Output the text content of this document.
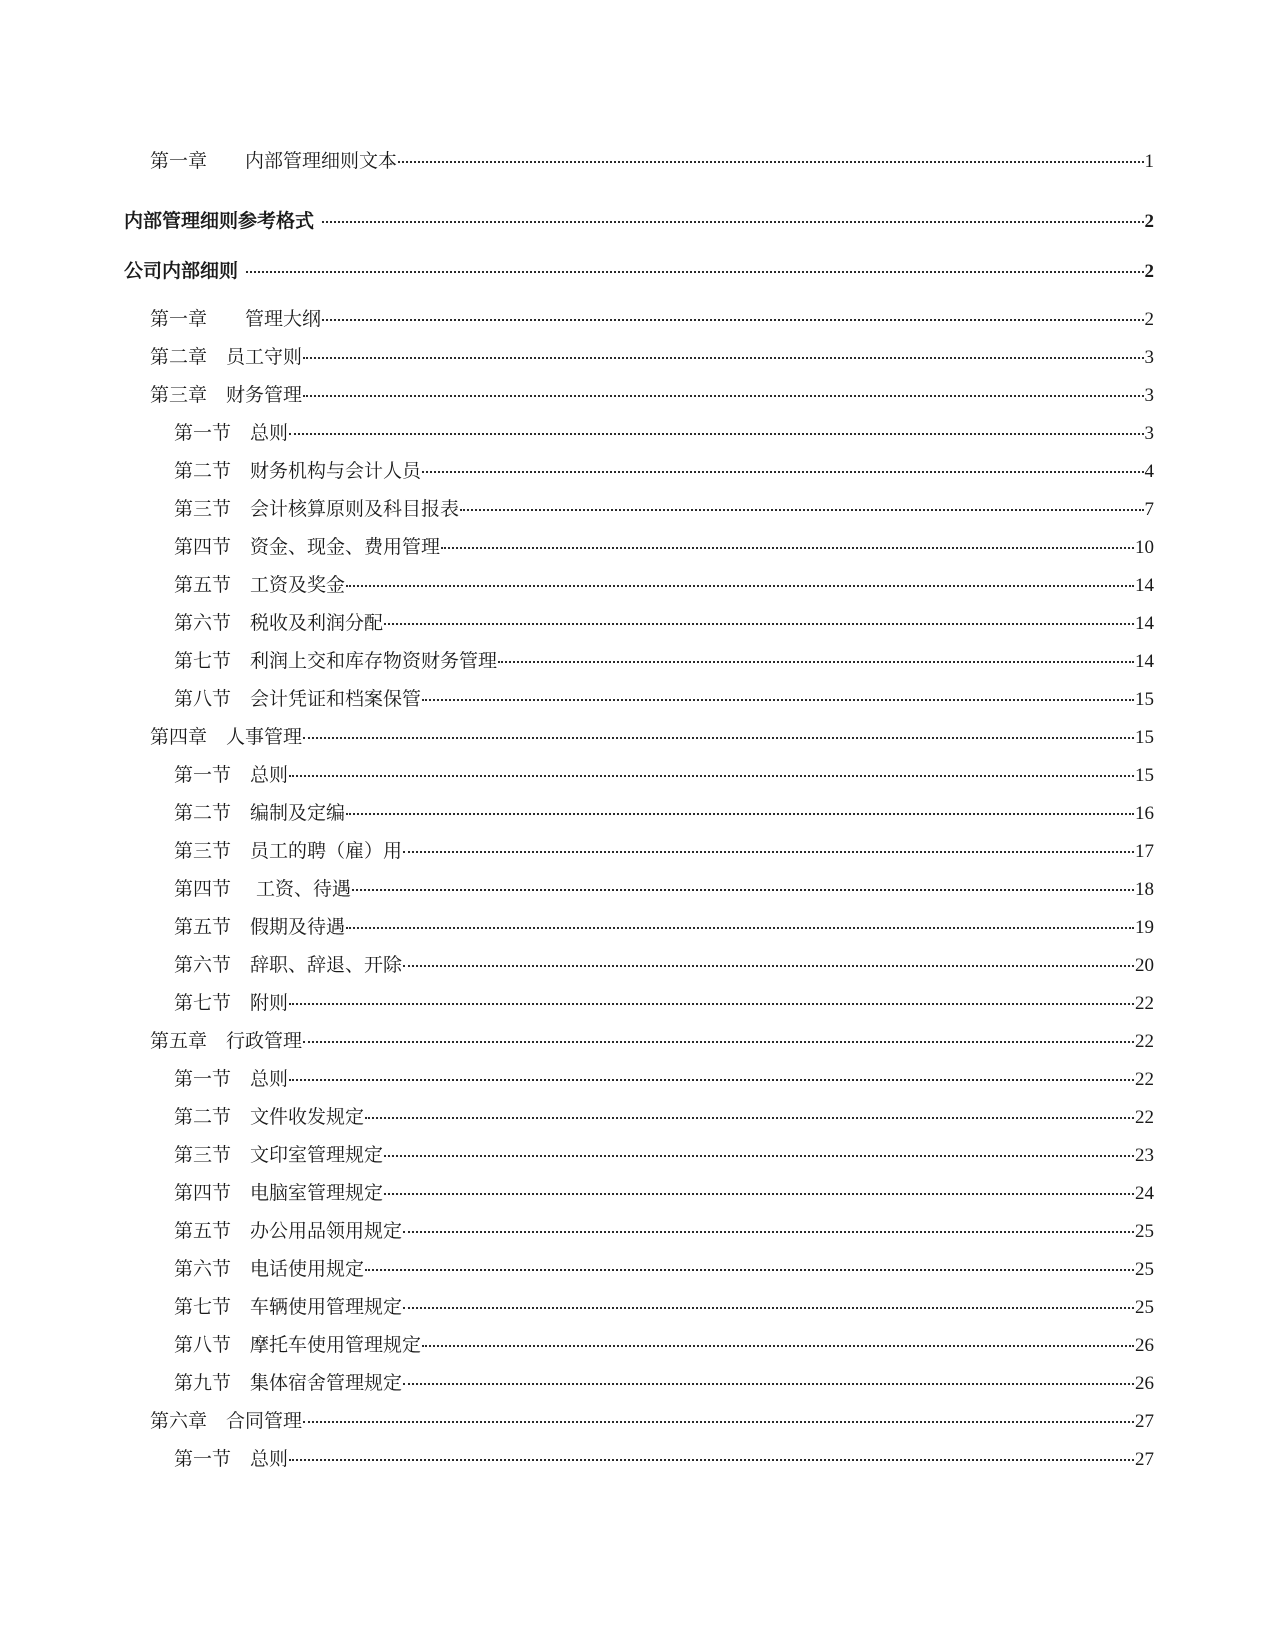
第一章　　内部管理细则文本	1
内部管理细则参考格式	2
公司内部细则	2
第一章　　管理大纲	2
第二章　员工守则	3
第三章　财务管理	3
第一节　总则	3
第二节　财务机构与会计人员	4
第三节　会计核算原则及科目报表	7
第四节　资金、现金、费用管理	10
第五节　工资及奖金	14
第六节　税收及利润分配	14
第七节　利润上交和库存物资财务管理	14
第八节　会计凭证和档案保管	15
第四章　人事管理	15
第一节　总则	15
第二节　编制及定编	16
第三节　员工的聘（雇）用	17
第四节　 工资、待遇	18
第五节　假期及待遇	19
第六节　辞职、辞退、开除	20
第七节　附则	22
第五章　行政管理	22
第一节　总则	22
第二节　文件收发规定	22
第三节　文印室管理规定	23
第四节　电脑室管理规定	24
第五节　办公用品领用规定	25
第六节　电话使用规定	25
第七节　车辆使用管理规定	25
第八节　摩托车使用管理规定	26
第九节　集体宿舍管理规定	26
第六章　合同管理	27
第一节　总则	27
